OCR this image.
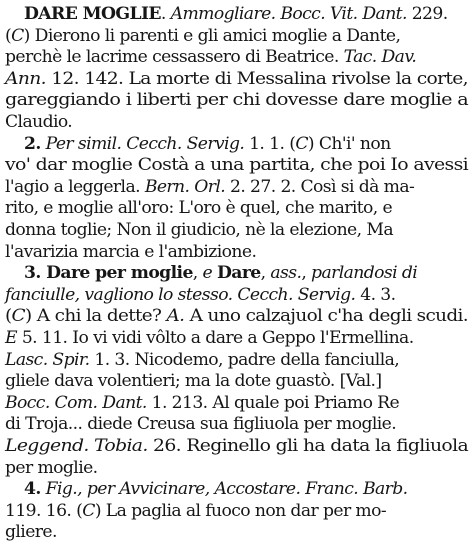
DARE MOGLIE. Ammogliare. Bocc. Vit. Dant. 229.
(C) Dierono li parenti e gli amici moglie a Dante,
perchè le lacrime cessassero di Beatrice. Tac. Dav.
Ann. 12. 142. La morte di Messalina rivolse la corte,
gareggiando i liberti per chi dovesse dare moglie a
Claudio.
2. Per simil. Cecch. Servig. 1. 1. (C) Ch'i' non
vo' dar moglie Costà a una partita, che poi Io avessi
l'agio a leggerla. Bern. Orl. 2. 27. 2. Così si dà ma-
rito, e moglie all'oro: L'oro è quel, che marito, e
donna toglie; Non il giudicio, nè la elezione, Ma
l'avarizia marcia e l'ambizione.
3. Dare per moglie, e Dare, ass., parlandosi di
fanciulle, vagliono lo stesso. Cecch. Servig. 4. 3.
(C) A chi la dette? A. A uno calzajuol c'ha degli scudi.
E 5. 11. Io vi vidi vôlto a dare a Geppo l'Ermellina.
Lasc. Spir. 1. 3. Nicodemo, padre della fanciulla,
gliele dava volentieri; ma la dote guastò. [Val.]
Bocc. Com. Dant. 1. 213. Al quale poi Priamo Re
di Troja... diede Creusa sua figliuola per moglie.
Leggend. Tobia. 26. Reginello gli ha data la figliuola
per moglie.
4. Fig., per Avvicinare, Accostare. Franc. Barb.
119. 16. (C) La paglia al fuoco non dar per mo-
gliere.
